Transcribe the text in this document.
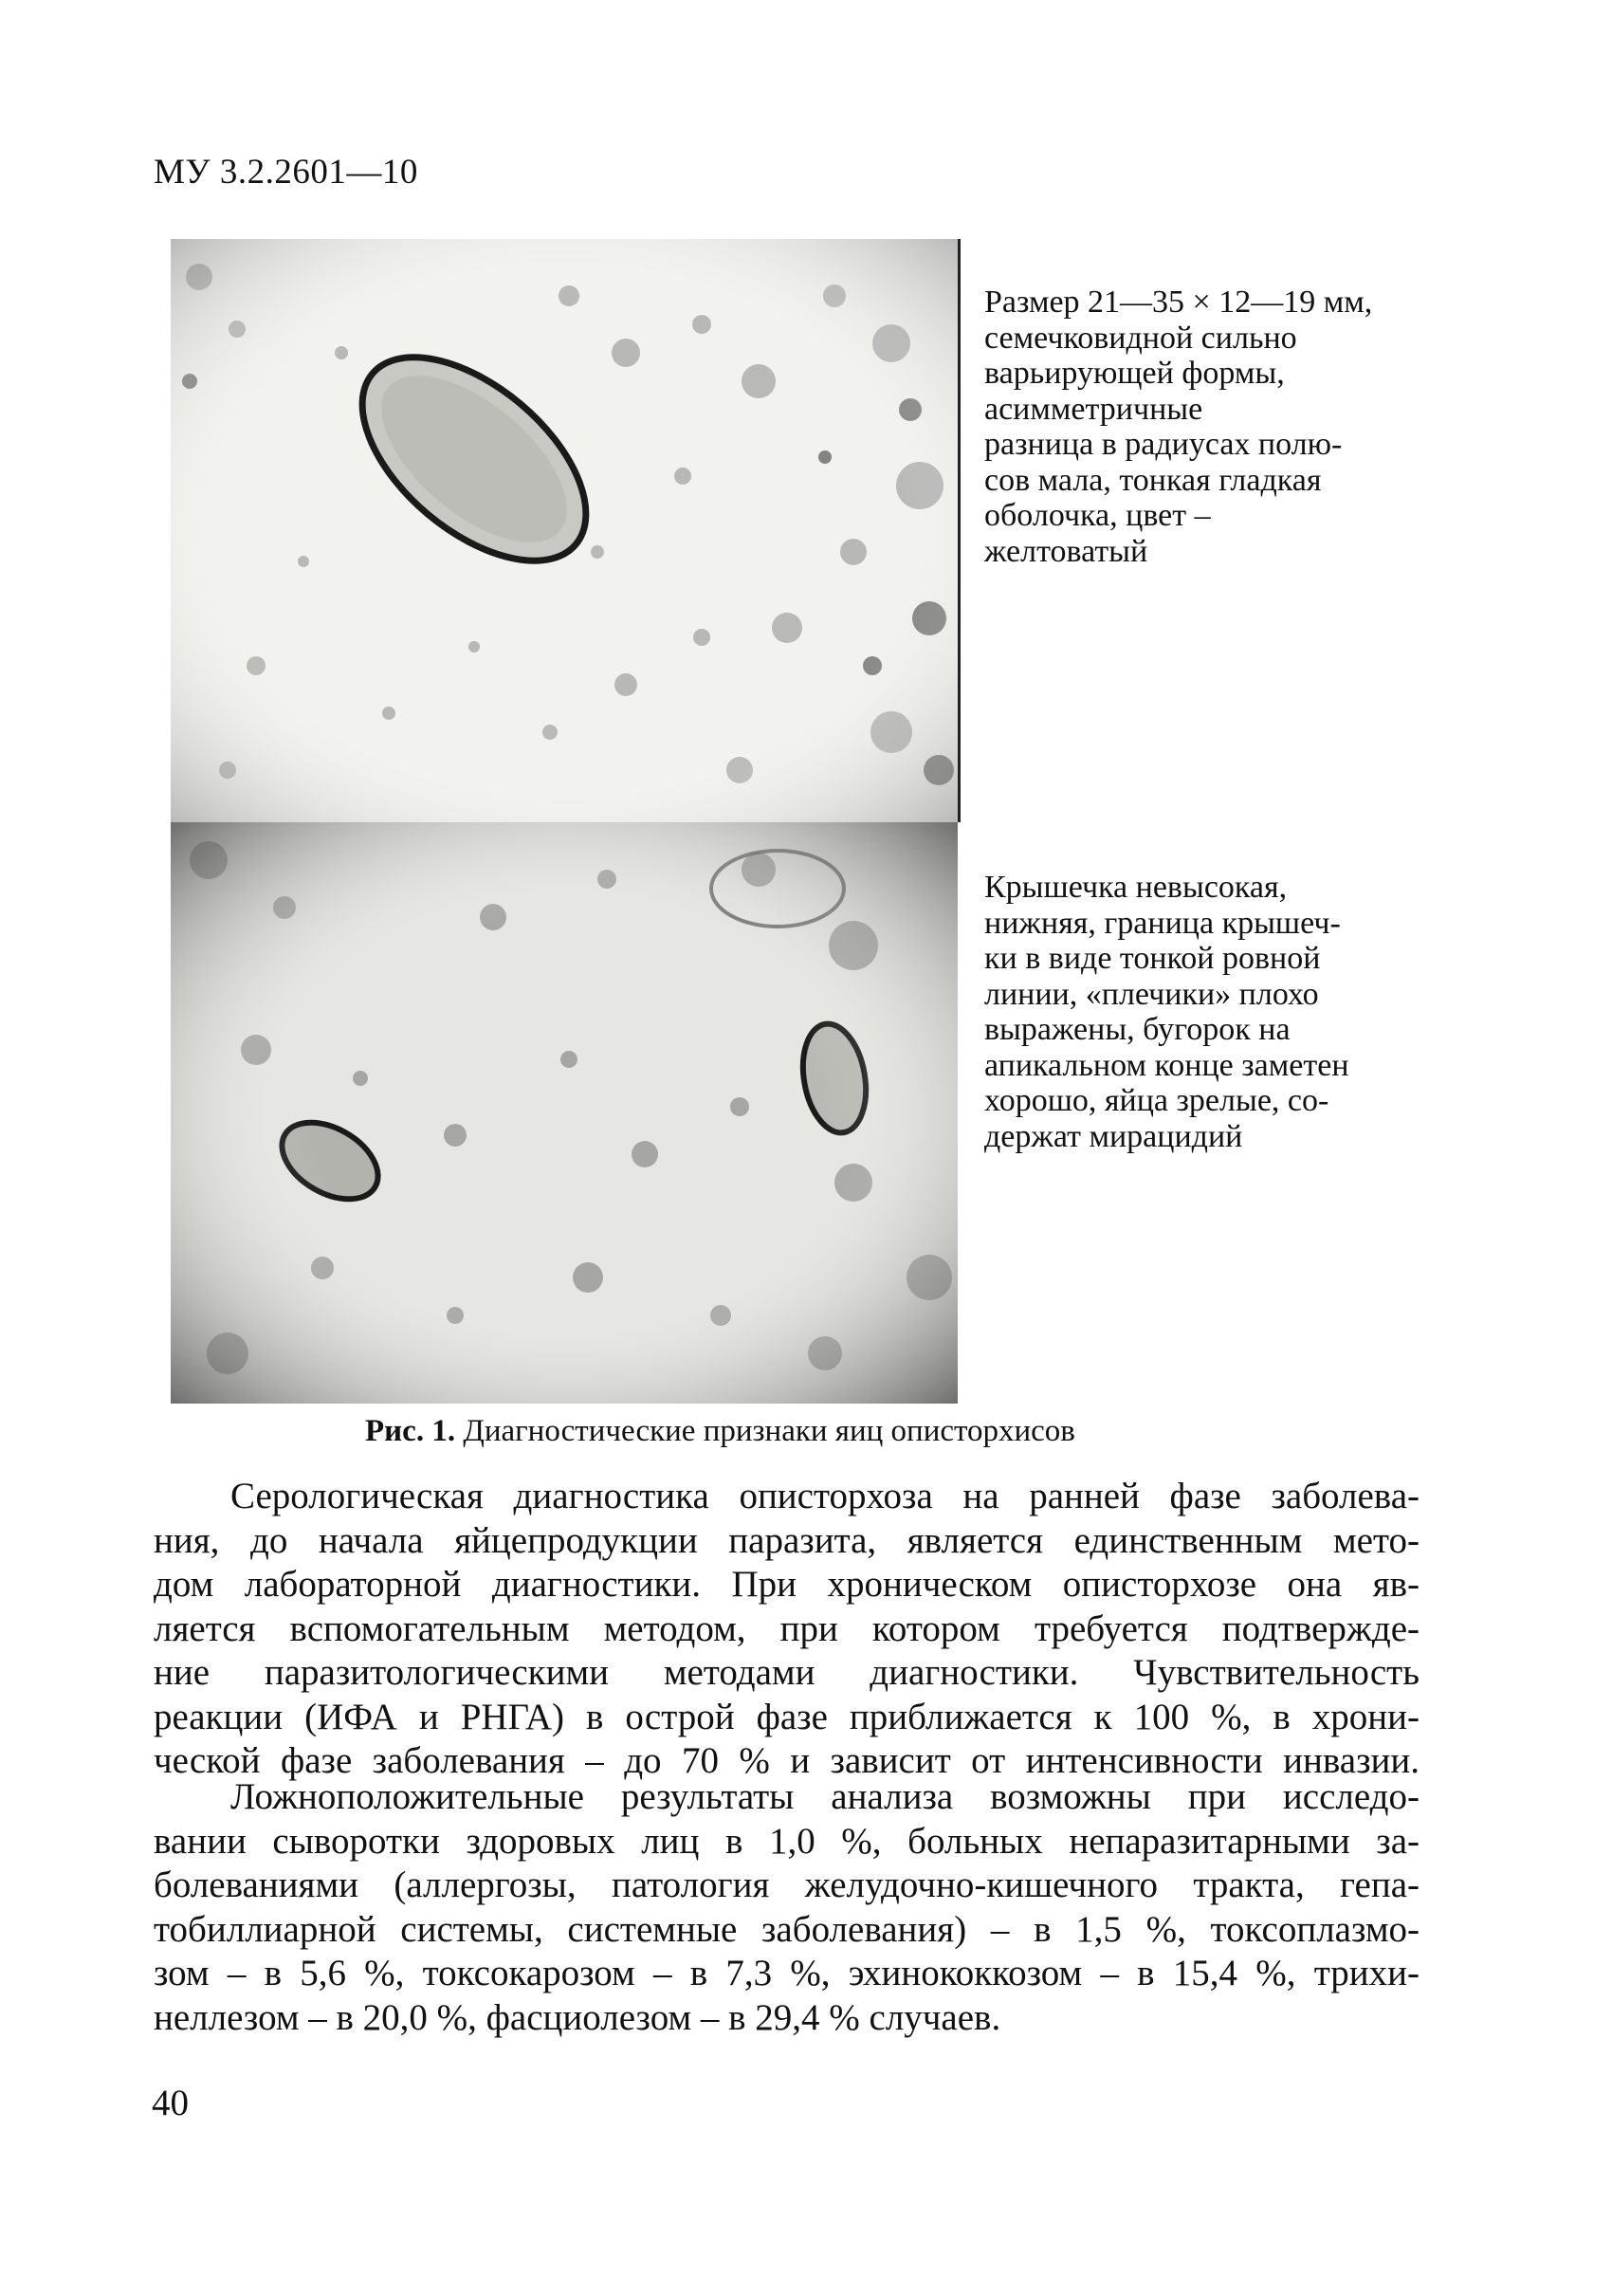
МУ 3.2.2601—10
Размер 21—35 × 12—19 мм,
семечковидной сильно
варьирующей формы,
асимметричные
разница в радиусах полю-
сов мала, тонкая гладкая
оболочка, цвет –
желтоватый
Крышечка невысокая,
нижняя, граница крышеч-
ки в виде тонкой ровной
линии, «плечики» плохо
выражены, бугорок на
апикальном конце заметен
хорошо, яйца зрелые, со-
держат мирацидий

Рис. 1. Диагностические признаки яиц описторхисов

Серологическая диагностика описторхоза на ранней фазе заболева-
ния, до начала яйцепродукции паразита, является единственным мето-
дом лабораторной диагностики. При хроническом описторхозе она яв-
ляется вспомогательным методом, при котором требуется подтвержде-
ние паразитологическими методами диагностики. Чувствительность
реакции (ИФА и РНГА) в острой фазе приближается к 100 %, в хрони-
ческой фазе заболевания – до 70 % и зависит от интенсивности инвазии.
Ложноположительные результаты анализа возможны при исследо-
вании сыворотки здоровых лиц в 1,0 %, больных непаразитарными за-
болеваниями (аллергозы, патология желудочно-кишечного тракта, гепа-
тобиллиарной системы, системные заболевания) – в 1,5 %, токсоплазмо-
зом – в 5,6 %, токсокарозом – в 7,3 %, эхинококкозом – в 15,4 %, трихи-
неллезом – в 20,0 %, фасциолезом – в 29,4 % случаев.
40
